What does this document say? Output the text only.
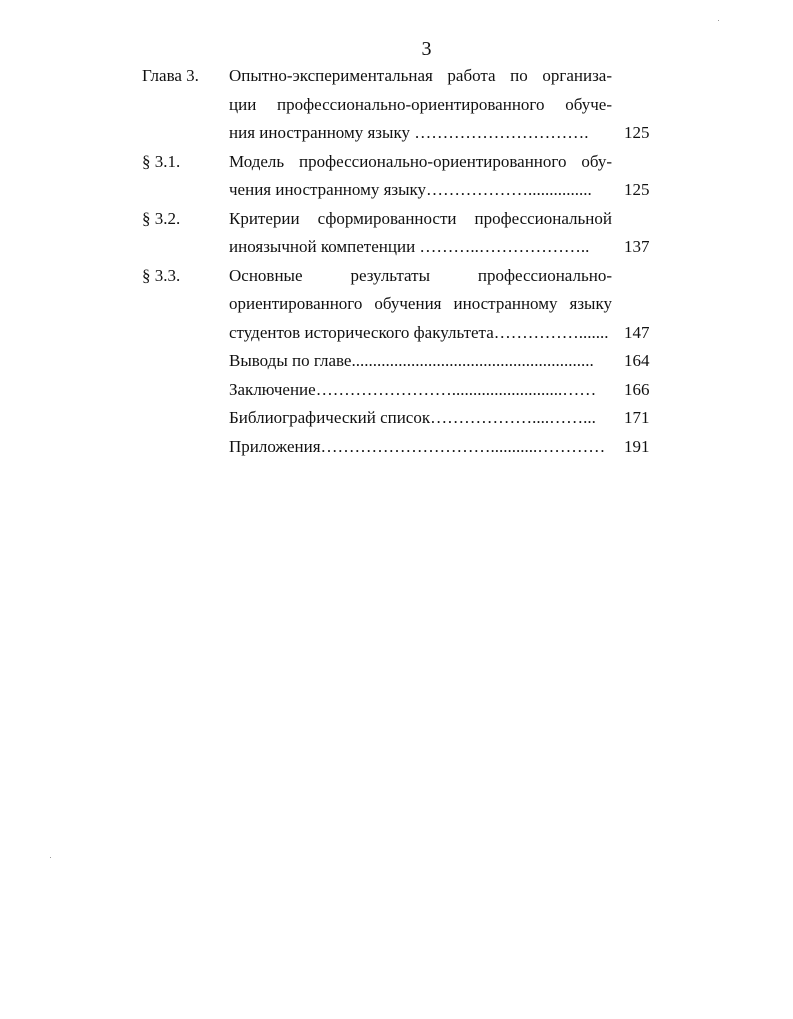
3
Глава 3. Опытно-экспериментальная работа по организа-
ции профессионально-ориентированного обуче-
ния иностранному языку …………………………. 125
§ 3.1.	Модель профессионально-ориентированного обу-
чения иностранному языку………………............... 125
§ 3.2.	Критерии сформированности профессиональной
иноязычной компетенции ………..……………….. 137
§ 3.3.	Основные результаты профессионально-
ориентированного обучения иностранному языку
студентов исторического факультета……………....... 147
Выводы по главе......................................................... 164
Заключение……………………..........................…… 166
Библиографический список………………....……... 171
Приложения…………………………...........………… 191
